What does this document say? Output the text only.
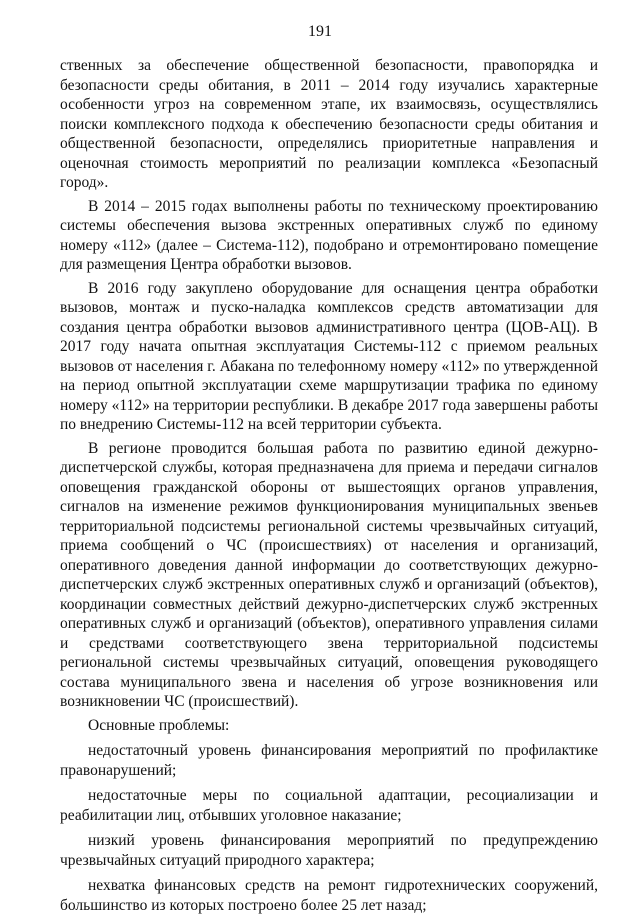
191

ственных за обеспечение общественной безопасности, правопорядка и безопасности среды обитания, в 2011 – 2014 году изучались характерные особенности угроз на современном этапе, их взаимосвязь, осуществлялись поиски комплексного подхода к обеспечению безопасности среды обитания и общественной безопасности, определялись приоритетные направления и оценочная стоимость мероприятий по реализации комплекса «Безопасный город».

В 2014 – 2015 годах выполнены работы по техническому проектированию системы обеспечения вызова экстренных оперативных служб по единому номеру «112» (далее – Система-112), подобрано и отремонтировано помещение для размещения Центра обработки вызовов.

В 2016 году закуплено оборудование для оснащения центра обработки вызовов, монтаж и пуско-наладка комплексов средств автоматизации для создания центра обработки вызовов административного центра (ЦОВ-АЦ). В 2017 году начата опытная эксплуатация Системы-112 с приемом реальных вызовов от населения г. Абакана по телефонному номеру «112» по утвержденной на период опытной эксплуатации схеме маршрутизации трафика по единому номеру «112» на территории республики. В декабре 2017 года завершены работы по внедрению Системы-112 на всей территории субъекта.

В регионе проводится большая работа по развитию единой дежурно-диспетчерской службы, которая предназначена для приема и передачи сигналов оповещения гражданской обороны от вышестоящих органов управления, сигналов на изменение режимов функционирования муниципальных звеньев территориальной подсистемы региональной системы чрезвычайных ситуаций, приема сообщений о ЧС (происшествиях) от населения и организаций, оперативного доведения данной информации до соответствующих дежурно-диспетчерских служб экстренных оперативных служб и организаций (объектов), координации совместных действий дежурно-диспетчерских служб экстренных оперативных служб и организаций (объектов), оперативного управления силами и средствами соответствующего звена территориальной подсистемы региональной системы чрезвычайных ситуаций, оповещения руководящего состава муниципального звена и населения об угрозе возникновения или возникновении ЧС (происшествий).

Основные проблемы:

недостаточный уровень финансирования мероприятий по профилактике правонарушений;

недостаточные меры по социальной адаптации, ресоциализации и реабилитации лиц, отбывших уголовное наказание;

низкий уровень финансирования мероприятий по предупреждению чрезвычайных ситуаций природного характера;

нехватка финансовых средств на ремонт гидротехнических сооружений, большинство из которых построено более 25 лет назад;
